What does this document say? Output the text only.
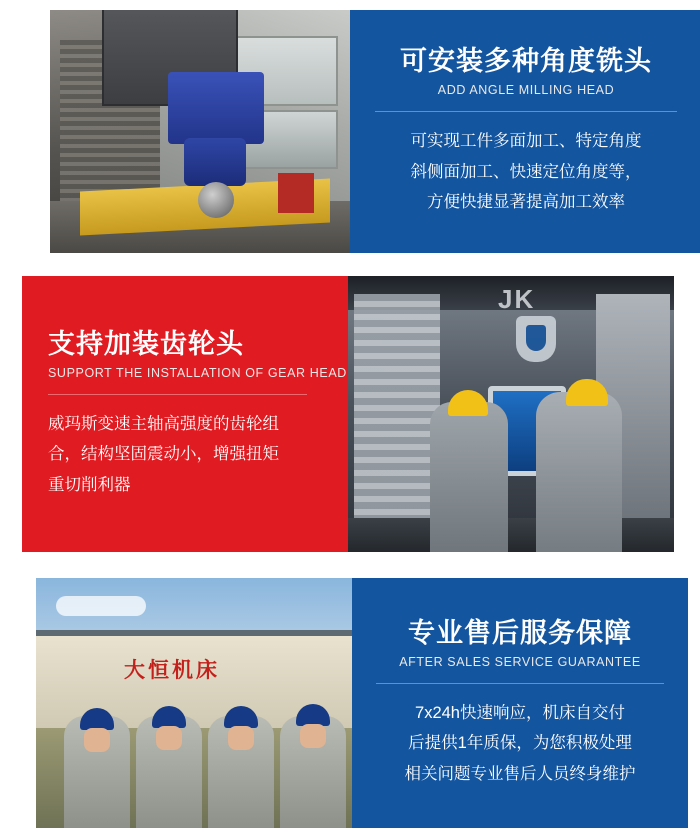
可安装多种角度铣头

ADD ANGLE MILLING HEAD

可实现工件多面加工、特定角度

斜侧面加工、快速定位角度等，

方便快捷显著提高加工效率

支持加装齿轮头

SUPPORT THE INSTALLATION OF GEAR HEAD

威玛斯变速主轴高强度的齿轮组

合，结构坚固震动小，增强扭矩

重切削利器

JK
大恒机床

专业售后服务保障

AFTER SALES SERVICE GUARANTEE

7x24h快速响应，机床自交付

后提供1年质保，为您积极处理

相关问题专业售后人员终身维护
